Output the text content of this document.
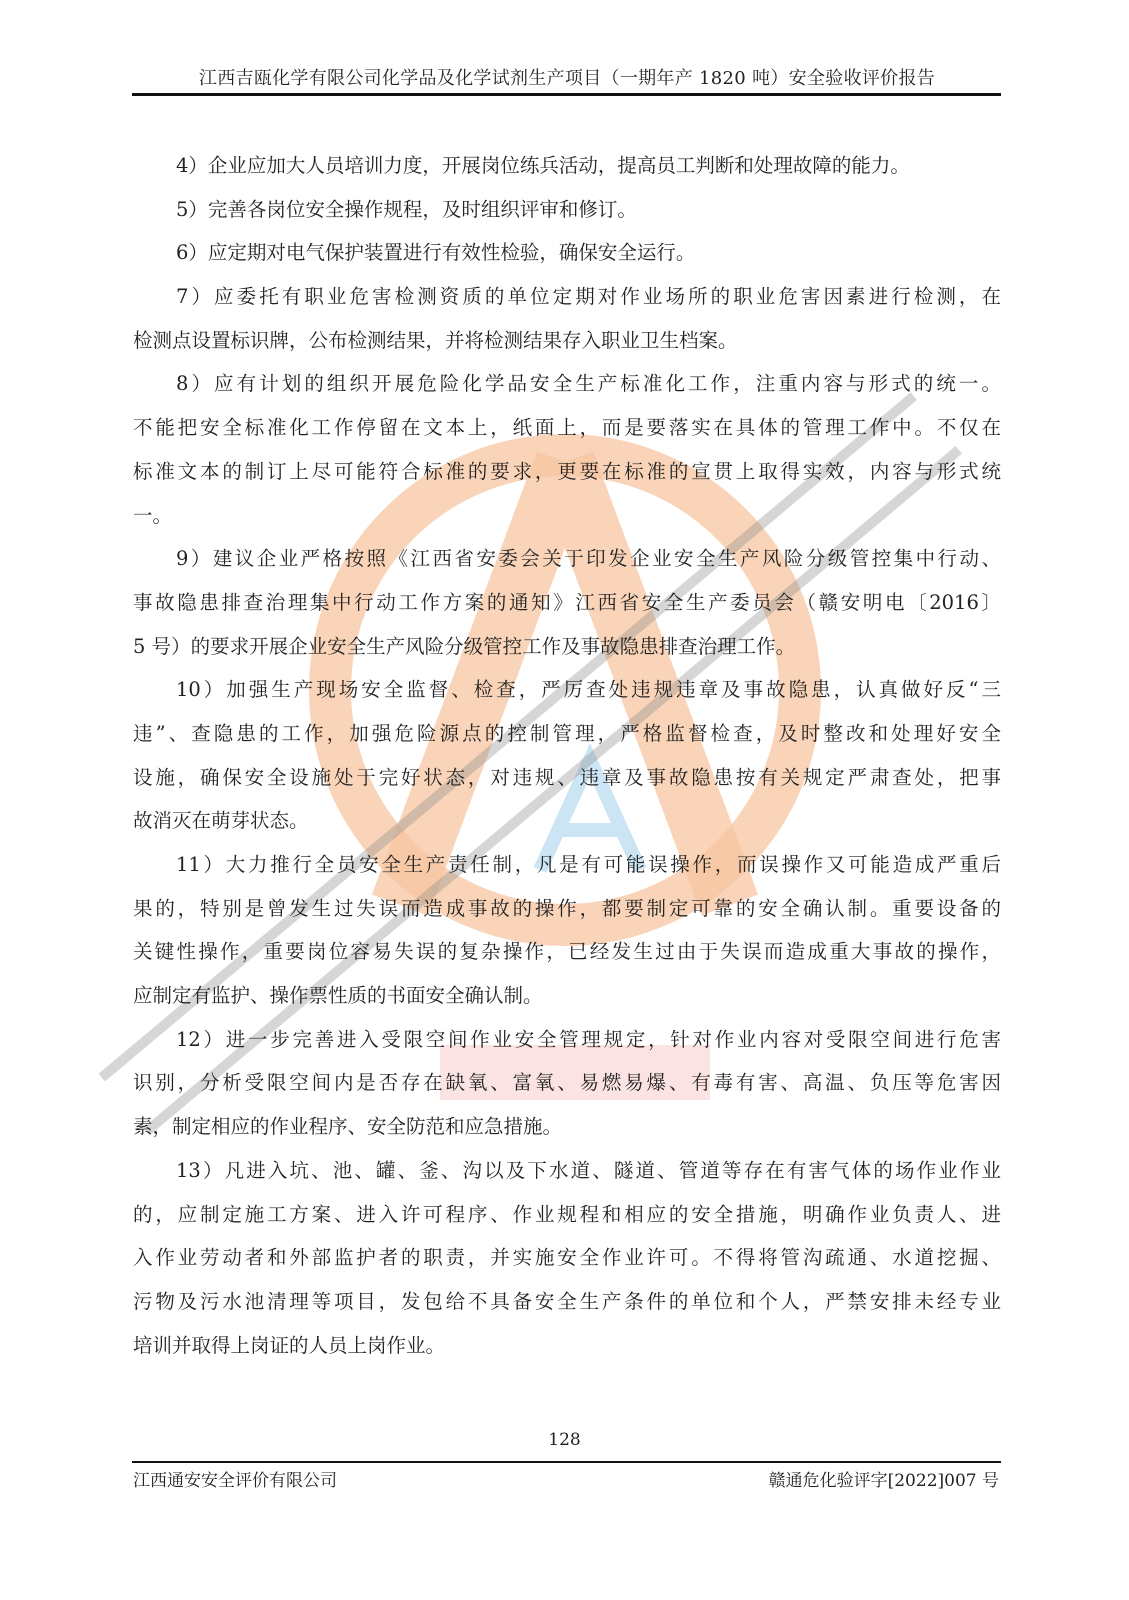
江西吉瓯化学有限公司化学品及化学试剂生产项目（一期年产 1820 吨）安全验收评价报告
4）企业应加大人员培训力度，开展岗位练兵活动，提高员工判断和处理故障的能力。
5）完善各岗位安全操作规程，及时组织评审和修订。
6）应定期对电气保护装置进行有效性检验，确保安全运行。
7）应委托有职业危害检测资质的单位定期对作业场所的职业危害因素进行检测，在
检测点设置标识牌，公布检测结果，并将检测结果存入职业卫生档案。
8）应有计划的组织开展危险化学品安全生产标准化工作，注重内容与形式的统一。
不能把安全标准化工作停留在文本上，纸面上，而是要落实在具体的管理工作中。不仅在
标准文本的制订上尽可能符合标准的要求，更要在标准的宣贯上取得实效，内容与形式统
一。
9）建议企业严格按照《江西省安委会关于印发企业安全生产风险分级管控集中行动、
事故隐患排查治理集中行动工作方案的通知》江西省安全生产委员会（赣安明电〔2016〕
5 号）的要求开展企业安全生产风险分级管控工作及事故隐患排查治理工作。
10）加强生产现场安全监督、检查，严厉查处违规违章及事故隐患，认真做好反“三
违”、查隐患的工作，加强危险源点的控制管理，严格监督检查，及时整改和处理好安全
设施，确保安全设施处于完好状态，对违规、违章及事故隐患按有关规定严肃查处，把事
故消灭在萌芽状态。
11）大力推行全员安全生产责任制，凡是有可能误操作，而误操作又可能造成严重后
果的，特别是曾发生过失误而造成事故的操作，都要制定可靠的安全确认制。重要设备的
关键性操作，重要岗位容易失误的复杂操作，已经发生过由于失误而造成重大事故的操作，
应制定有监护、操作票性质的书面安全确认制。
12）进一步完善进入受限空间作业安全管理规定，针对作业内容对受限空间进行危害
识别，分析受限空间内是否存在缺氧、富氧、易燃易爆、有毒有害、高温、负压等危害因
素，制定相应的作业程序、安全防范和应急措施。
13）凡进入坑、池、罐、釜、沟以及下水道、隧道、管道等存在有害气体的场作业作业
的，应制定施工方案、进入许可程序、作业规程和相应的安全措施，明确作业负责人、进
入作业劳动者和外部监护者的职责，并实施安全作业许可。不得将管沟疏通、水道挖掘、
污物及污水池清理等项目，发包给不具备安全生产条件的单位和个人，严禁安排未经专业
培训并取得上岗证的人员上岗作业。
128
江西通安安全评价有限公司	赣通危化验评字[2022]007 号
